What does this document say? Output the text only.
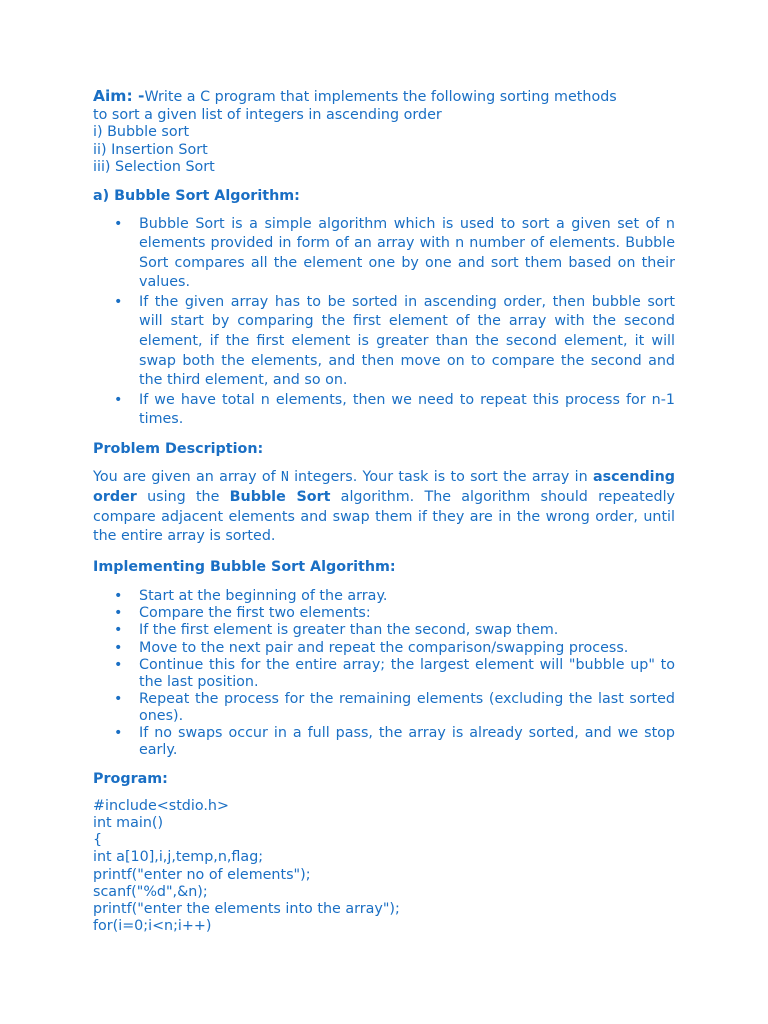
Aim: -Write a C program that implements the following sorting methods

to sort a given list of integers in ascending order

i) Bubble sort

ii) Insertion Sort

iii) Selection Sort

a) Bubble Sort Algorithm:

• Bubble Sort is a simple algorithm which is used to sort a given set of n elements provided in form of an array with n number of elements. Bubble Sort compares all the element one by one and sort them based on their values.
• If the given array has to be sorted in ascending order, then bubble sort will start by comparing the first element of the array with the second element, if the first element is greater than the second element, it will swap both the elements, and then move on to compare the second and the third element, and so on.
• If we have total n elements, then we need to repeat this process for n-1 times.

Problem Description:

You are given an array of N integers. Your task is to sort the array in ascending order using the Bubble Sort algorithm. The algorithm should repeatedly compare adjacent elements and swap them if they are in the wrong order, until the entire array is sorted.

Implementing Bubble Sort Algorithm:

• Start at the beginning of the array.
• Compare the first two elements:
• If the first element is greater than the second, swap them.
• Move to the next pair and repeat the comparison/swapping process.
• Continue this for the entire array; the largest element will "bubble up" to the last position.
• Repeat the process for the remaining elements (excluding the last sorted ones).
• If no swaps occur in a full pass, the array is already sorted, and we stop early.

Program:

#include<stdio.h>

int main()

{

int a[10],i,j,temp,n,flag;

printf("enter no of elements");

scanf("%d",&n);

printf("enter the elements into the array");

for(i=0;i<n;i++)
